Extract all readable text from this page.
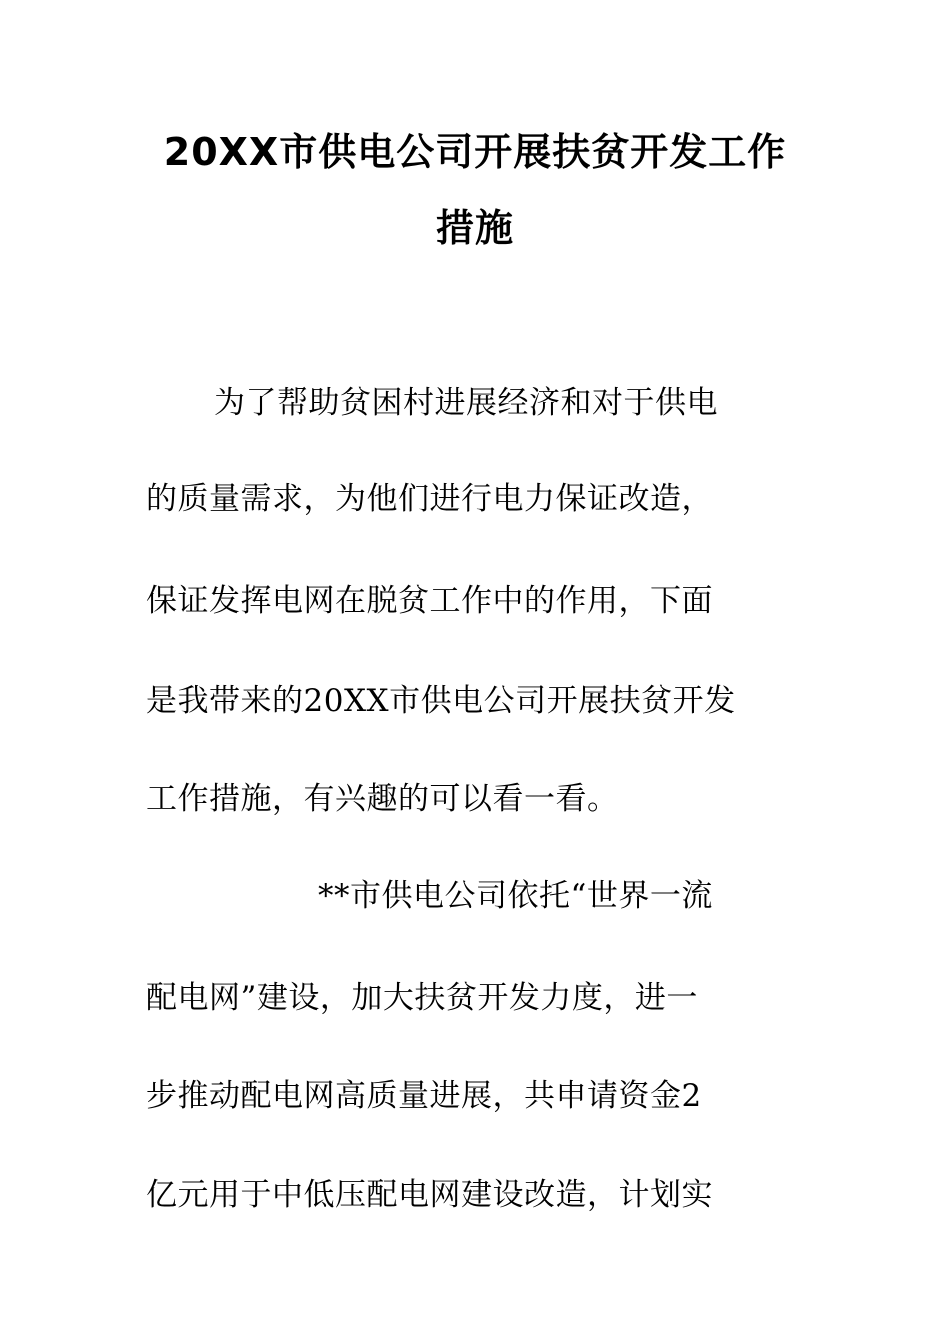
20XX市供电公司开展扶贫开发工作
措施
为了帮助贫困村进展经济和对于供电
的质量需求，为他们进行电力保证改造，
保证发挥电网在脱贫工作中的作用，下面
是我带来的20XX市供电公司开展扶贫开发
工作措施，有兴趣的可以看一看。
**市供电公司依托“世界一流
配电网”建设，加大扶贫开发力度，进一
步推动配电网高质量进展，共申请资金2
亿元用于中低压配电网建设改造，计划实
